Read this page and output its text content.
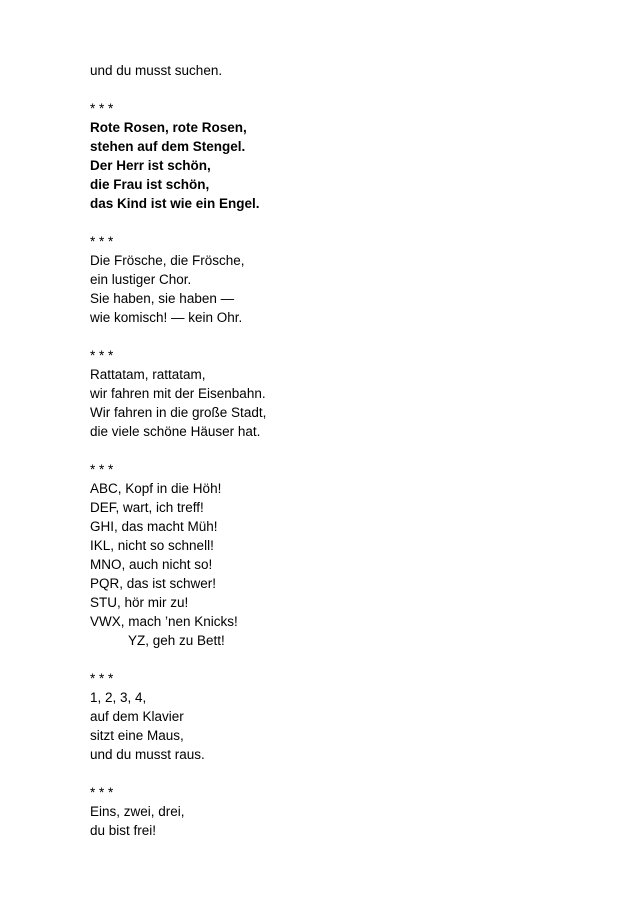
und du musst suchen.
* * *
Rote Rosen, rote Rosen,
stehen auf dem Stengel.
Der Herr ist schön,
die Frau ist schön,
das Kind ist wie ein Engel.
* * *
Die Frösche, die Frösche,
ein lustiger Chor.
Sie haben, sie haben —
wie komisch! — kein Ohr.
* * *
Rattatam, rattatam,
wir fahren mit der Eisenbahn.
Wir fahren in die große Stadt,
die viele schöne Häuser hat.
* * *
ABC, Kopf in die Höh!
DEF, wart, ich treff!
GHI, das macht Müh!
IKL, nicht so schnell!
MNO, auch nicht so!
PQR, das ist schwer!
STU, hör mir zu!
VWX, mach ’nen Knicks!
YZ, geh zu Bett!
* * *
1, 2, 3, 4,
auf dem Klavier
sitzt eine Maus,
und du musst raus.
* * *
Eins, zwei, drei,
du bist frei!
